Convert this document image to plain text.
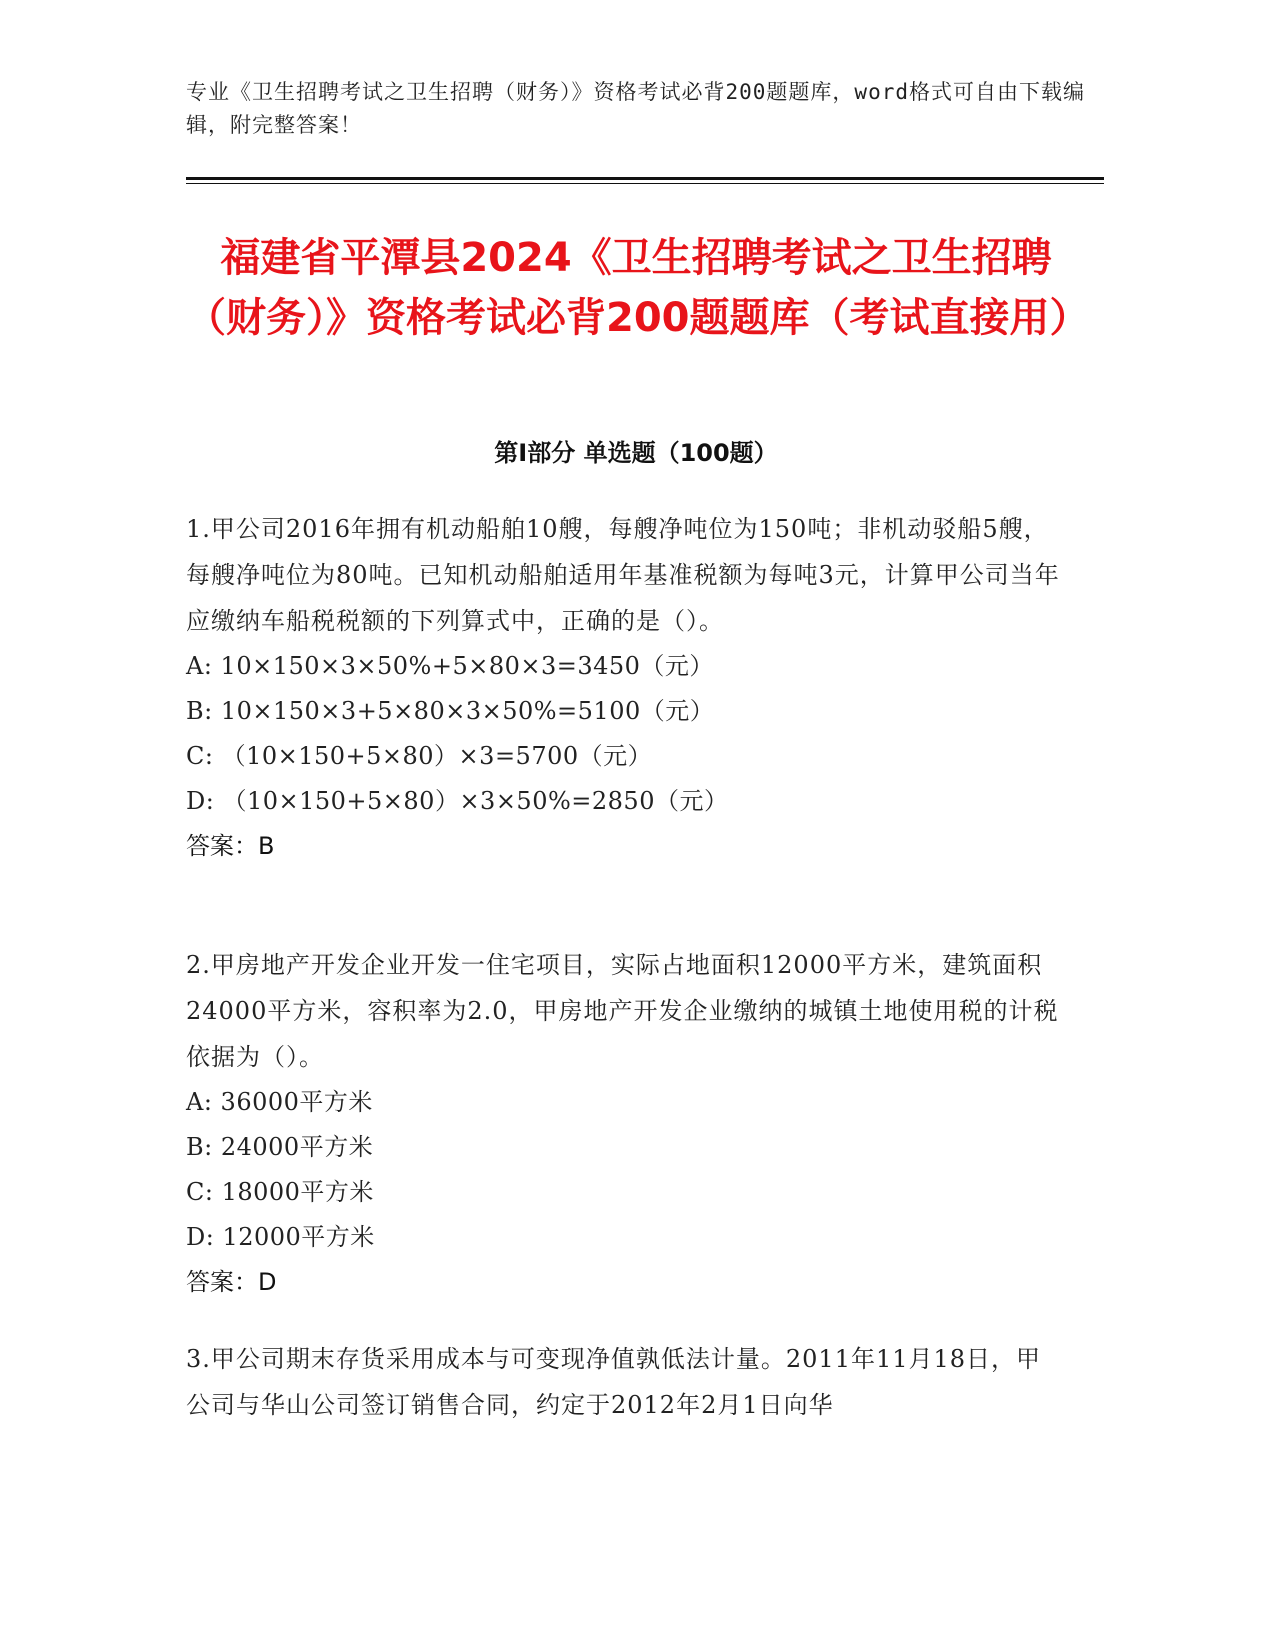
专业《卫生招聘考试之卫生招聘（财务）》资格考试必背200题题库，word格式可自由下载编辑，附完整答案！
福建省平潭县2024《卫生招聘考试之卫生招聘（财务）》资格考试必背200题题库（考试直接用）
第Ⅰ部分 单选题（100题）
1.甲公司2016年拥有机动船舶10艘，每艘净吨位为150吨；非机动驳船5艘，每艘净吨位为80吨。已知机动船舶适用年基准税额为每吨3元，计算甲公司当年应缴纳车船税税额的下列算式中，正确的是（）。
A: 10×150×3×50%+5×80×3=3450（元）
B: 10×150×3+5×80×3×50%=5100（元）
C: （10×150+5×80）×3=5700（元）
D: （10×150+5×80）×3×50%=2850（元）
答案：B
2.甲房地产开发企业开发一住宅项目，实际占地面积12000平方米，建筑面积24000平方米，容积率为2.0，甲房地产开发企业缴纳的城镇土地使用税的计税依据为（）。
A: 36000平方米
B: 24000平方米
C: 18000平方米
D: 12000平方米
答案：D
3.甲公司期末存货采用成本与可变现净值孰低法计量。2011年11月18日，甲公司与华山公司签订销售合同，约定于2012年2月1日向华
